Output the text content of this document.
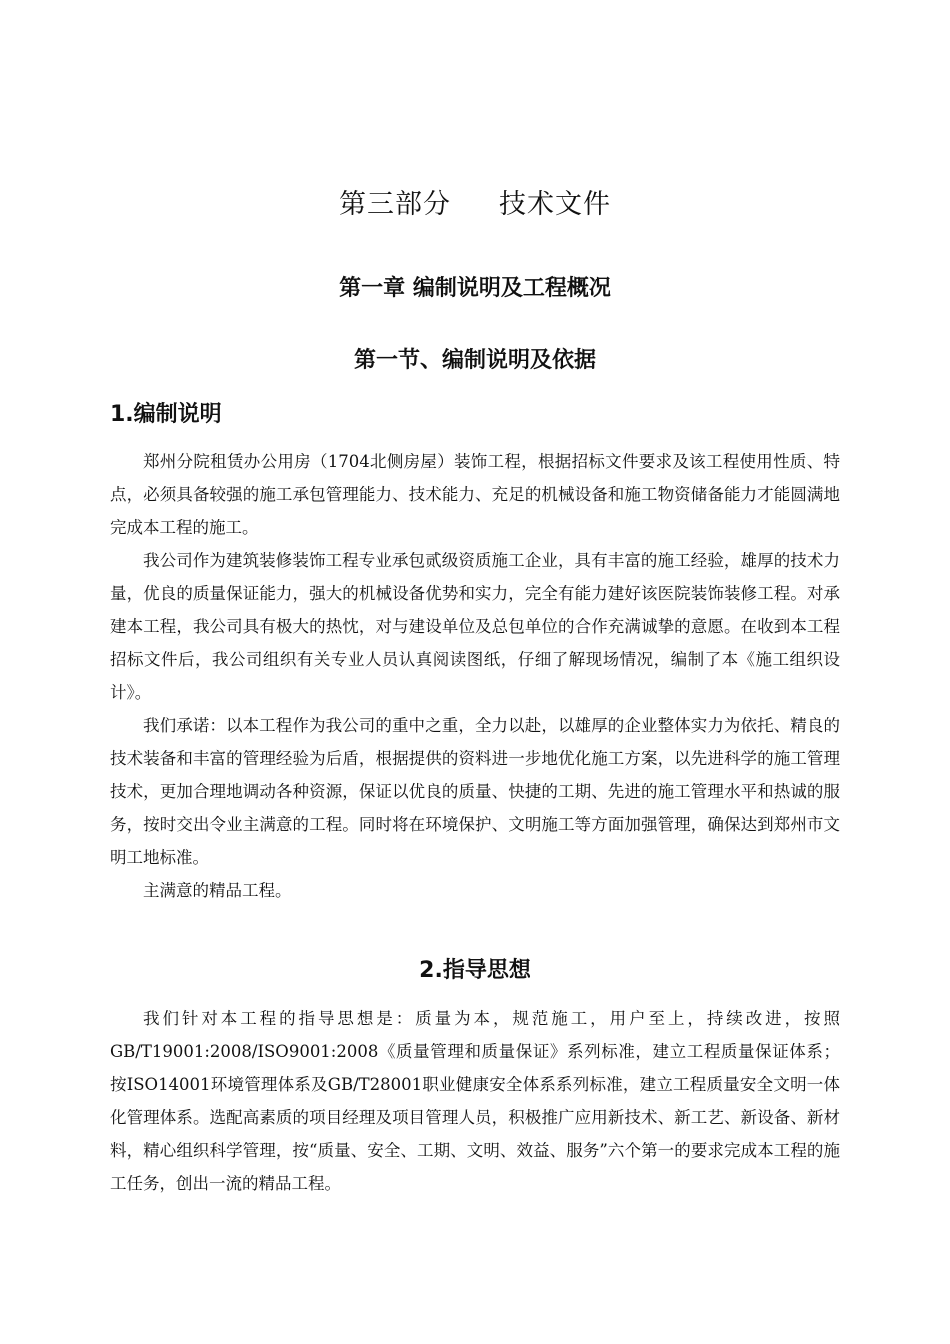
第三部分 技术文件
第一章 编制说明及工程概况
第一节、编制说明及依据
1.编制说明

郑州分院租赁办公用房（1704北侧房屋）装饰工程，根据招标文件要求及该工程使用性质、特点，必须具备较强的施工承包管理能力、技术能力、充足的机械设备和施工物资储备能力才能圆满地完成本工程的施工。

我公司作为建筑装修装饰工程专业承包贰级资质施工企业，具有丰富的施工经验，雄厚的技术力量，优良的质量保证能力，强大的机械设备优势和实力，完全有能力建好该医院装饰装修工程。对承建本工程，我公司具有极大的热忱，对与建设单位及总包单位的合作充满诚挚的意愿。在收到本工程招标文件后，我公司组织有关专业人员认真阅读图纸，仔细了解现场情况，编制了本《施工组织设计》。

我们承诺：以本工程作为我公司的重中之重，全力以赴，以雄厚的企业整体实力为依托、精良的技术装备和丰富的管理经验为后盾，根据提供的资料进一步地优化施工方案，以先进科学的施工管理技术，更加合理地调动各种资源，保证以优良的质量、快捷的工期、先进的施工管理水平和热诚的服务，按时交出令业主满意的工程。同时将在环境保护、文明施工等方面加强管理，确保达到郑州市文明工地标准。

主满意的精品工程。

2.指导思想

我们针对本工程的指导思想是：质量为本，规范施工，用户至上，持续改进，按照GB/T19001:2008/ISO9001:2008《质量管理和质量保证》系列标准，建立工程质量保证体系；按ISO14001环境管理体系及GB/T28001职业健康安全体系系列标准，建立工程质量安全文明一体化管理体系。选配高素质的项目经理及项目管理人员，积极推广应用新技术、新工艺、新设备、新材料，精心组织科学管理，按“质量、安全、工期、文明、效益、服务”六个第一的要求完成本工程的施工任务，创出一流的精品工程。
